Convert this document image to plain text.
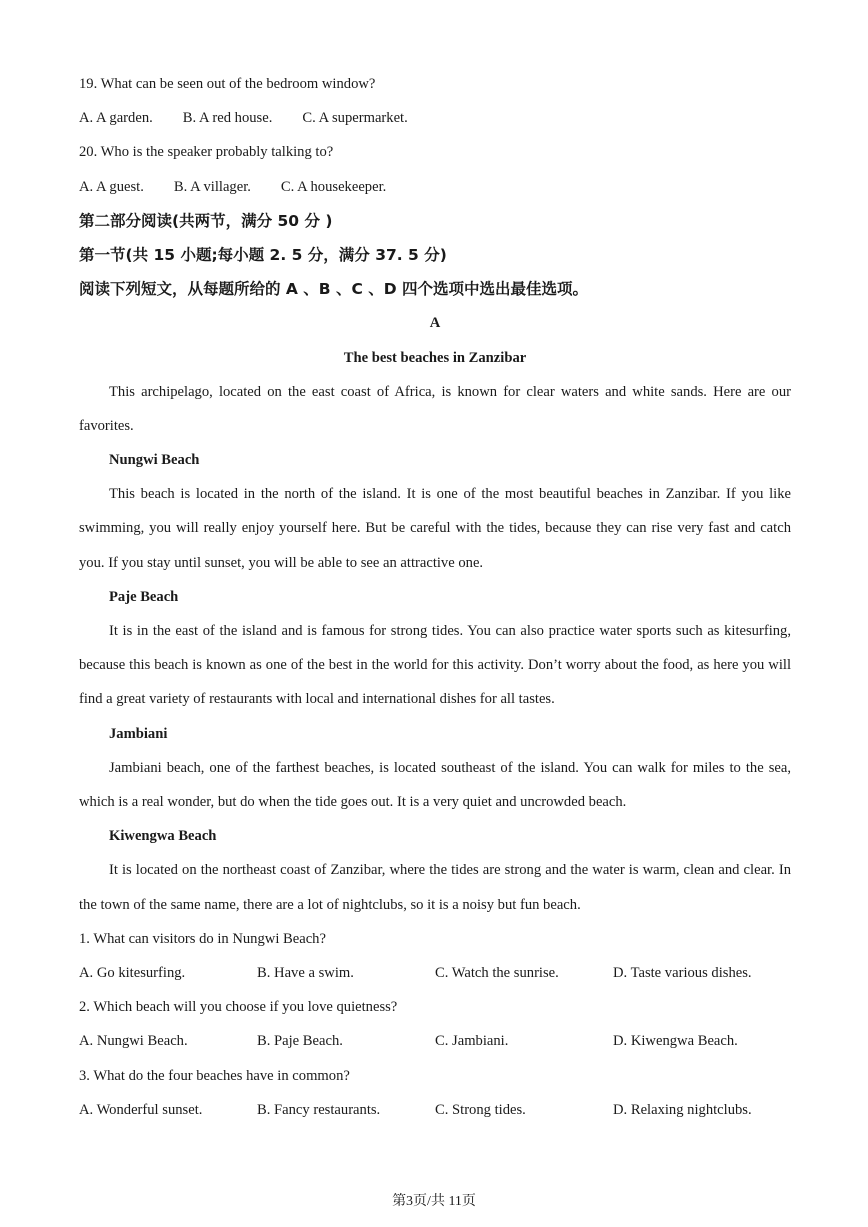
19. What can be seen out of the bedroom window?
A. A garden. B. A red house. C. A supermarket.
20. Who is the speaker probably talking to?
A. A guest. B. A villager. C. A housekeeper.
第二部分阅读(共两节，满分 50 分 )
第一节(共 15 小题;每小题 2. 5 分，满分 37. 5 分)
阅读下列短文，从每题所给的 A 、B 、C 、D 四个选项中选出最佳选项。
A
The best beaches in Zanzibar
This archipelago, located on the east coast of Africa, is known for clear waters and white sands. Here are our favorites.
Nungwi Beach
This beach is located in the north of the island. It is one of the most beautiful beaches in Zanzibar. If you like swimming, you will really enjoy yourself here. But be careful with the tides, because they can rise very fast and catch you. If you stay until sunset, you will be able to see an attractive one.
Paje Beach
It is in the east of the island and is famous for strong tides. You can also practice water sports such as kitesurfing, because this beach is known as one of the best in the world for this activity. Don’t worry about the food, as here you will find a great variety of restaurants with local and international dishes for all tastes.
Jambiani
Jambiani beach, one of the farthest beaches, is located southeast of the island. You can walk for miles to the sea, which is a real wonder, but do when the tide goes out. It is a very quiet and uncrowded beach.
Kiwengwa Beach
It is located on the northeast coast of Zanzibar, where the tides are strong and the water is warm, clean and clear. In the town of the same name, there are a lot of nightclubs, so it is a noisy but fun beach.
1. What can visitors do in Nungwi Beach?
A. Go kitesurfing.	B. Have a swim.	C. Watch the sunrise.	D. Taste various dishes.
2. Which beach will you choose if you love quietness?
A. Nungwi Beach.	B. Paje Beach.	C. Jambiani.	D. Kiwengwa Beach.
3. What do the four beaches have in common?
A. Wonderful sunset.	B. Fancy restaurants.	C. Strong tides.	D. Relaxing nightclubs.
第3页/共 11页
